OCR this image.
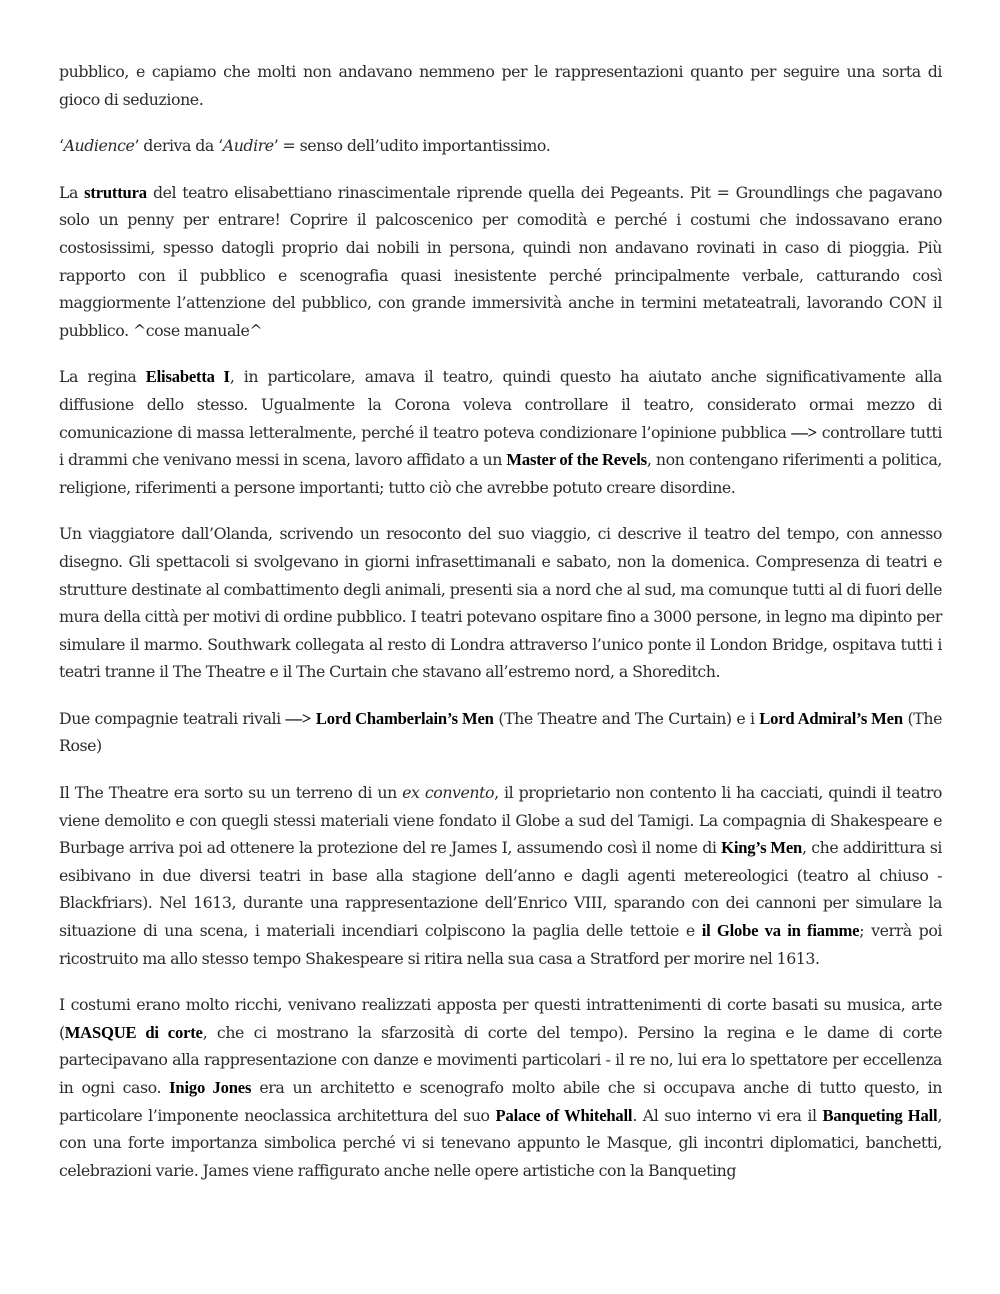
pubblico, e capiamo che molti non andavano nemmeno per le rappresentazioni quanto per seguire una sorta di gioco di seduzione.

‘Audience’ deriva da ‘Audire’ = senso dell’udito importantissimo.

La struttura del teatro elisabettiano rinascimentale riprende quella dei Pegeants. Pit = Groundlings che pagavano solo un penny per entrare! Coprire il palcoscenico per comodità e perché i costumi che indossavano erano costosissimi, spesso datogli proprio dai nobili in persona, quindi non andavano rovinati in caso di pioggia. Più rapporto con il pubblico e scenografia quasi inesistente perché principalmente verbale, catturando così maggiormente l’attenzione del pubblico, con grande immersività anche in termini metateatrali, lavorando CON il pubblico. ^cose manuale^

La regina Elisabetta I, in particolare, amava il teatro, quindi questo ha aiutato anche significativamente alla diffusione dello stesso. Ugualmente la Corona voleva controllare il teatro, considerato ormai mezzo di comunicazione di massa letteralmente, perché il teatro poteva condizionare l’opinione pubblica —> controllare tutti i drammi che venivano messi in scena, lavoro affidato a un Master of the Revels, non contengano riferimenti a politica, religione, riferimenti a persone importanti; tutto ciò che avrebbe potuto creare disordine.

Un viaggiatore dall’Olanda, scrivendo un resoconto del suo viaggio, ci descrive il teatro del tempo, con annesso disegno. Gli spettacoli si svolgevano in giorni infrasettimanali e sabato, non la domenica. Compresenza di teatri e strutture destinate al combattimento degli animali, presenti sia a nord che al sud, ma comunque tutti al di fuori delle mura della città per motivi di ordine pubblico. I teatri potevano ospitare fino a 3000 persone, in legno ma dipinto per simulare il marmo. Southwark collegata al resto di Londra attraverso l’unico ponte il London Bridge, ospitava tutti i teatri tranne il The Theatre e il The Curtain che stavano all’estremo nord, a Shoreditch.

Due compagnie teatrali rivali —> Lord Chamberlain’s Men (The Theatre and The Curtain) e i Lord Admiral’s Men (The Rose)

Il The Theatre era sorto su un terreno di un ex convento, il proprietario non contento li ha cacciati, quindi il teatro viene demolito e con quegli stessi materiali viene fondato il Globe a sud del Tamigi. La compagnia di Shakespeare e Burbage arriva poi ad ottenere la protezione del re James I, assumendo così il nome di King’s Men, che addirittura si esibivano in due diversi teatri in base alla stagione dell’anno e dagli agenti metereologici (teatro al chiuso - Blackfriars). Nel 1613, durante una rappresentazione dell’Enrico VIII, sparando con dei cannoni per simulare la situazione di una scena, i materiali incendiari colpiscono la paglia delle tettoie e il Globe va in fiamme; verrà poi ricostruito ma allo stesso tempo Shakespeare si ritira nella sua casa a Stratford per morire nel 1613.

I costumi erano molto ricchi, venivano realizzati apposta per questi intrattenimenti di corte basati su musica, arte (MASQUE di corte, che ci mostrano la sfarzosità di corte del tempo). Persino la regina e le dame di corte partecipavano alla rappresentazione con danze e movimenti particolari - il re no, lui era lo spettatore per eccellenza in ogni caso. Inigo Jones era un architetto e scenografo molto abile che si occupava anche di tutto questo, in particolare l’imponente neoclassica architettura del suo Palace of Whitehall. Al suo interno vi era il Banqueting Hall, con una forte importanza simbolica perché vi si tenevano appunto le Masque, gli incontri diplomatici, banchetti, celebrazioni varie. James viene raffigurato anche nelle opere artistiche con la Banqueting
